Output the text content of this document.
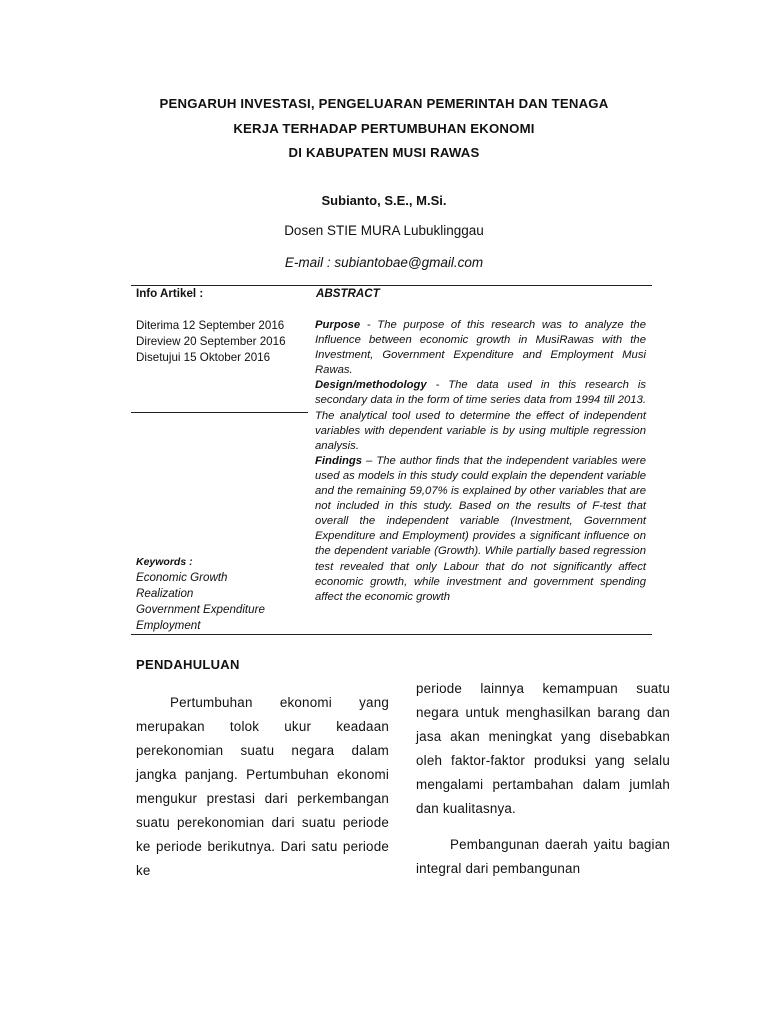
PENGARUH INVESTASI, PENGELUARAN PEMERINTAH DAN TENAGA
KERJA TERHADAP PERTUMBUHAN EKONOMI
DI KABUPATEN MUSI RAWAS
Subianto, S.E., M.Si.
Dosen STIE MURA Lubuklinggau
E-mail : subiantobae@gmail.com
Info Artikel :
Diterima 12 September 2016
Direview 20 September 2016
Disetujui 15 Oktober 2016
Keywords :
Economic Growth
Realization
Government Expenditure
Employment
ABSTRACT
Purpose - The purpose of this research was to analyze the Influence between economic growth in MusiRawas with the Investment, Government Expenditure and Employment Musi Rawas.
Design/methodology - The data used in this research is secondary data in the form of time series data from 1994 till 2013. The analytical tool used to determine the effect of independent variables with dependent variable is by using multiple regression analysis.
Findings – The author finds that the independent variables were used as models in this study could explain the dependent variable and the remaining 59,07% is explained by other variables that are not included in this study. Based on the results of F-test that overall the independent variable (Investment, Government Expenditure and Employment) provides a significant influence on the dependent variable (Growth). While partially based regression test revealed that only Labour that do not significantly affect economic growth, while investment and government spending affect the economic growth
PENDAHULUAN

Pertumbuhan ekonomi yang merupakan tolok ukur keadaan perekonomian suatu negara dalam jangka panjang. Pertumbuhan ekonomi mengukur prestasi dari perkembangan suatu perekonomian dari suatu periode ke periode berikutnya. Dari satu periode ke

periode lainnya kemampuan suatu negara untuk menghasilkan barang dan jasa akan meningkat yang disebabkan oleh faktor-faktor produksi yang selalu mengalami pertambahan dalam jumlah dan kualitasnya.

Pembangunan daerah yaitu bagian integral dari pembangunan
